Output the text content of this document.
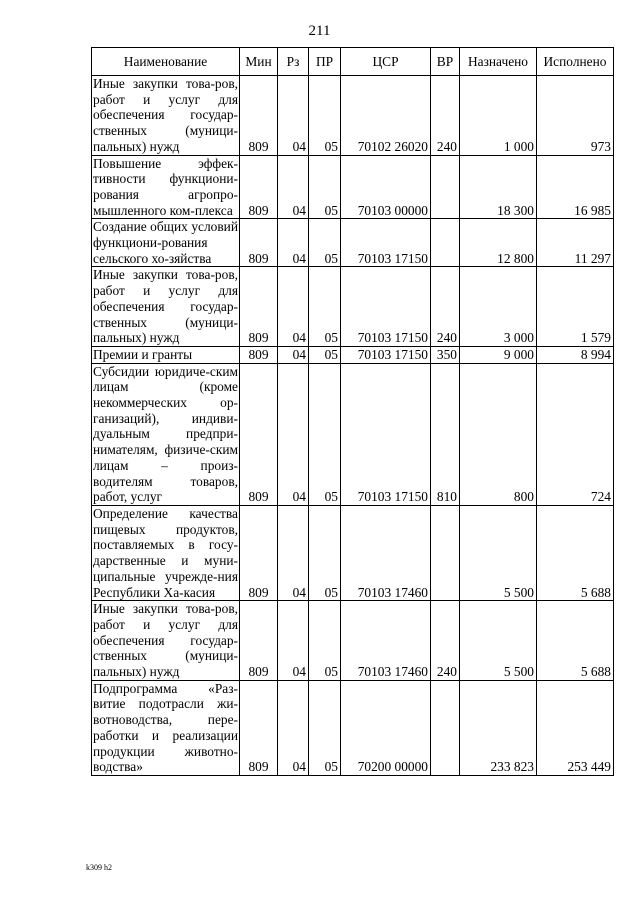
211
Наименование	Мин	Рз	ПР	ЦСР	ВР	Назначено	Исполнено
Иные закупки това-ров, работ и услуг для обеспечения государ-ственных (муници-пальных) нужд	809	04	05	70102 26020	240	1 000	973
Повышение эффек-тивности функциони-рования агропро-мышленного ком-плекса	809	04	05	70103 00000		18 300	16 985
Создание общих условий функциони-рования сельского хо-зяйства	809	04	05	70103 17150		12 800	11 297
Иные закупки това-ров, работ и услуг для обеспечения государ-ственных (муници-пальных) нужд	809	04	05	70103 17150	240	3 000	1 579
Премии и гранты	809	04	05	70103 17150	350	9 000	8 994
Субсидии юридиче-ским лицам (кроме некоммерческих ор-ганизаций), индиви-дуальным предпри-нимателям, физиче-ским лицам – произ-водителям товаров, работ, услуг	809	04	05	70103 17150	810	800	724
Определение качества пищевых продуктов, поставляемых в госу-дарственные и муни-ципальные учрежде-ния Республики Ха-касия	809	04	05	70103 17460		5 500	5 688
Иные закупки това-ров, работ и услуг для обеспечения государ-ственных (муници-пальных) нужд	809	04	05	70103 17460	240	5 500	5 688
Подпрограмма «Раз-витие подотрасли жи-вотноводства, пере-работки и реализации продукции животно-водства»	809	04	05	70200 00000		233 823	253 449
k309 h2
